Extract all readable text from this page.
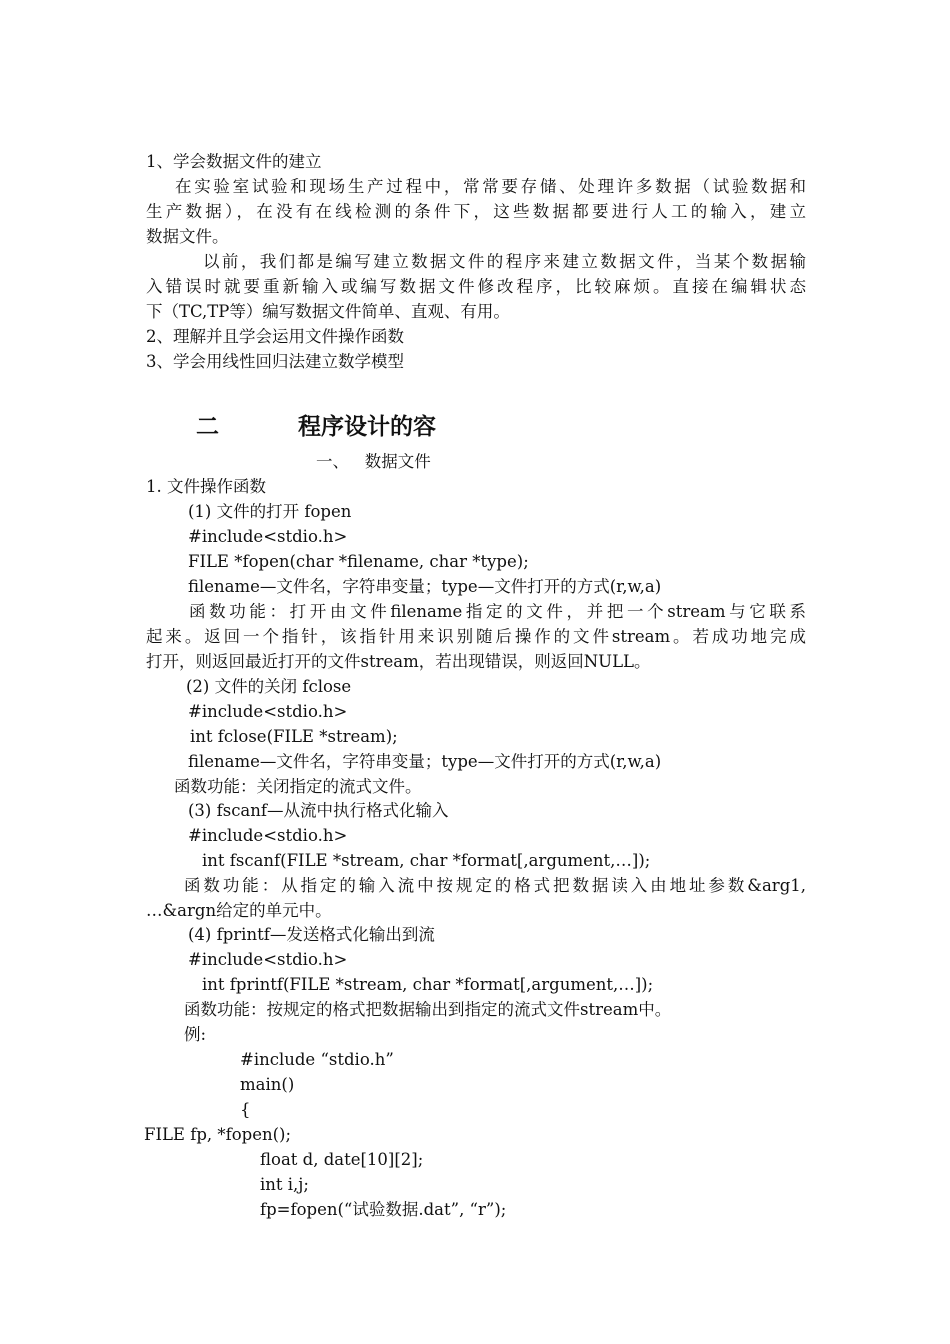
1、学会数据文件的建立
在实验室试验和现场生产过程中，常常要存储、处理许多数据（试验数据和
生产数据），在没有在线检测的条件下，这些数据都要进行人工的输入，建立
数据文件。
以前，我们都是编写建立数据文件的程序来建立数据文件，当某个数据输
入错误时就要重新输入或编写数据文件修改程序，比较麻烦。直接在编辑状态
下（TC,TP等）编写数据文件简单、直观、有用。
2、理解并且学会运用文件操作函数
3、学会用线性回归法建立数学模型
二	程序设计的容
一、   数据文件
1. 文件操作函数
(1) 文件的打开 fopen
#include<stdio.h>
FILE *fopen(char *filename, char *type);
filename—文件名，字符串变量；type—文件打开的方式(r,w,a)
函数功能：打开由文件filename指定的文件，并把一个stream与它联系
起来。返回一个指针，该指针用来识别随后操作的文件stream。若成功地完成
打开，则返回最近打开的文件stream，若出现错误，则返回NULL。
(2) 文件的关闭 fclose
#include<stdio.h>
int fclose(FILE *stream);
filename—文件名，字符串变量；type—文件打开的方式(r,w,a)
函数功能：关闭指定的流式文件。
(3) fscanf—从流中执行格式化输入
#include<stdio.h>
int fscanf(FILE *stream, char *format[,argument,…]);
函数功能：从指定的输入流中按规定的格式把数据读入由地址参数&arg1,
…&argn给定的单元中。
(4) fprintf—发送格式化输出到流
#include<stdio.h>
int fprintf(FILE *stream, char *format[,argument,…]);
函数功能：按规定的格式把数据输出到指定的流式文件stream中。
例:
#include “stdio.h”
main()
{
FILE fp, *fopen();
float d, date[10][2];
int i,j;
fp=fopen(“试验数据.dat”, “r”);
